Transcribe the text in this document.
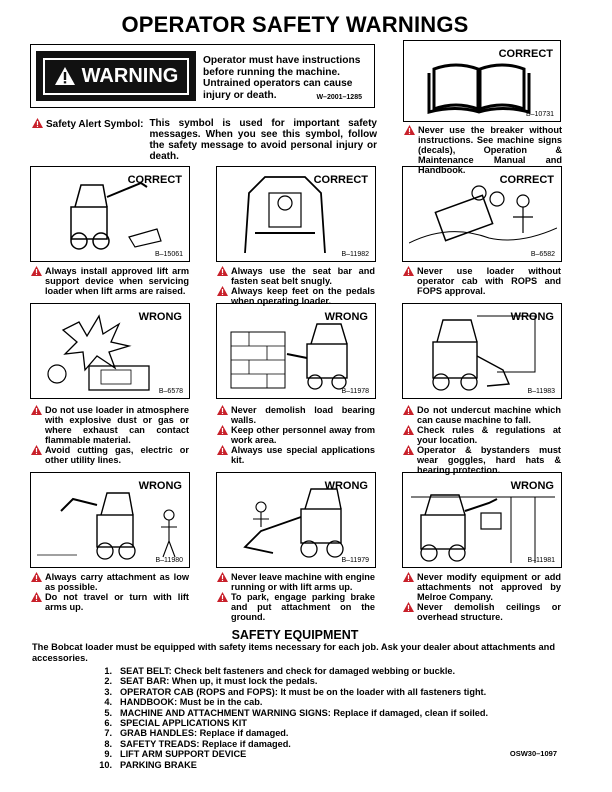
OPERATOR SAFETY WARNINGS
WARNING
Operator must have instructions before running the machine. Untrained operators can cause injury or death.	W–2001–1285
Safety Alert Symbol: This symbol is used for important safety messages. When you see this symbol, follow the safety message to avoid personal injury or death.
CORRECT
B–10731
Never use the breaker without instructions. See machine signs (decals), Operation & Maintenance Manual and Handbook.
CORRECT
B–15061
CORRECT
B–11982
CORRECT
B–6582
Always install approved lift arm support device when servicing loader when lift arms are raised.
Always use the seat bar and fasten seat belt snugly.
Always keep feet on the pedals when operating loader.
Never use loader without operator cab with ROPS and FOPS approval.
WRONG
B–6578
WRONG
B–11978
WRONG
B–11983
Do not use loader in atmosphere with explosive dust or gas or where exhaust can contact flammable material.
Avoid cutting gas, electric or other utility lines.
Never demolish load bearing walls.
Keep other personnel away from work area.
Always use special applications kit.
Do not undercut machine which can cause machine to fall.
Check rules & regulations at your location.
Operator & bystanders must wear goggles, hard hats & hearing protection.
WRONG
B–11980
WRONG
B–11979
WRONG
B–11981
Always carry attachment as low as possible.
Do not travel or turn with lift arms up.
Never leave machine with engine running or with lift arms up.
To park, engage parking brake and put attachment on the ground.
Never modify equipment or add attachments not approved by Melroe Company.
Never demolish ceilings or overhead structure.
SAFETY EQUIPMENT
The Bobcat loader must be equipped with safety items necessary for each job. Ask your dealer about attachments and accessories.
1. SEAT BELT: Check belt fasteners and check for damaged webbing or buckle.
2. SEAT BAR: When up, it must lock the pedals.
3. OPERATOR CAB (ROPS and FOPS): It must be on the loader with all fasteners tight.
4. HANDBOOK: Must be in the cab.
5. MACHINE AND ATTACHMENT WARNING SIGNS: Replace if damaged, clean if soiled.
6. SPECIAL APPLICATIONS KIT
7. GRAB HANDLES: Replace if damaged.
8. SAFETY TREADS: Replace if damaged.
9. LIFT ARM SUPPORT DEVICE
10. PARKING BRAKE
OSW30–1097
